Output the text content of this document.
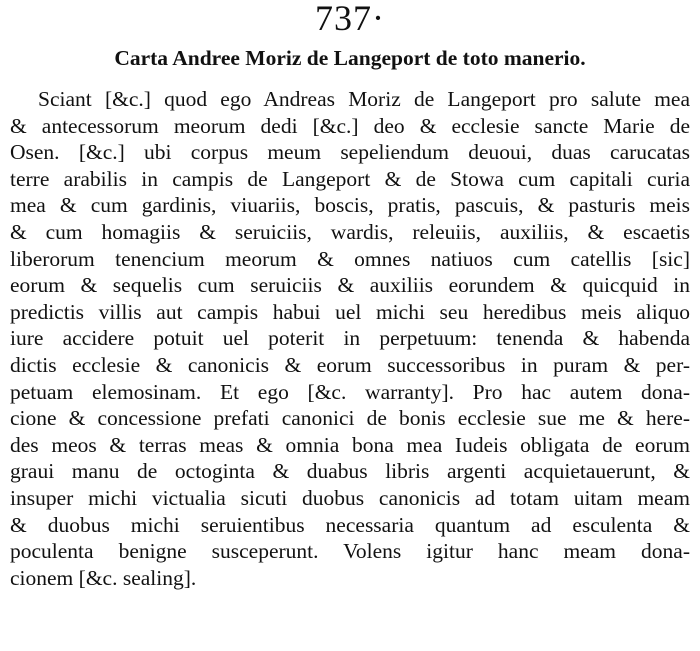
737·
Carta Andree Moriz de Langeport de toto manerio.
Sciant [&c.] quod ego Andreas Moriz de Langeport pro salute mea
& antecessorum meorum dedi [&c.] deo & ecclesie sancte Marie de
Osen. [&c.] ubi corpus meum sepeliendum deuoui, duas carucatas
terre arabilis in campis de Langeport & de Stowa cum capitali curia
mea & cum gardinis, viuariis, boscis, pratis, pascuis, & pasturis meis
& cum homagiis & seruiciis, wardis, releuiis, auxiliis, & escaetis
liberorum tenencium meorum & omnes natiuos cum catellis [sic]
eorum & sequelis cum seruiciis & auxiliis eorundem & quicquid in
predictis villis aut campis habui uel michi seu heredibus meis aliquo
iure accidere potuit uel poterit in perpetuum: tenenda & habenda
dictis ecclesie & canonicis & eorum successoribus in puram & per-
petuam elemosinam. Et ego [&c. warranty]. Pro hac autem dona-
cione & concessione prefati canonici de bonis ecclesie sue me & here-
des meos & terras meas & omnia bona mea Iudeis obligata de eorum
graui manu de octoginta & duabus libris argenti acquietauerunt, &
insuper michi victualia sicuti duobus canonicis ad totam uitam meam
& duobus michi seruientibus necessaria quantum ad esculenta &
poculenta benigne susceperunt. Volens igitur hanc meam dona-
cionem [&c. sealing].
